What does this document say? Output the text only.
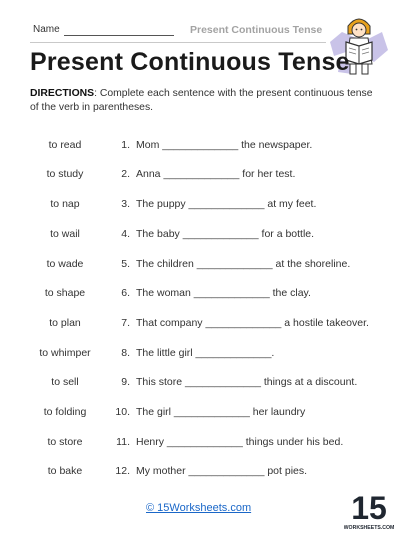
Name	Present Continuous Tense
Present Continuous Tense
DIRECTIONS: Complete each sentence with the present continuous tense of the verb in parentheses.
to read	1. Mom _____________ the newspaper.
to study	2. Anna _____________ for her test.
to nap	3. The puppy _____________ at my feet.
to wail	4. The baby _____________ for a bottle.
to wade	5. The children _____________ at the shoreline.
to shape	6. The woman _____________ the clay.
to plan	7. That company _____________ a hostile takeover.
to whimper	8. The little girl _____________.
to sell	9. This store _____________ things at a discount.
to folding	10. The girl _____________ her laundry
to store	11. Henry _____________ things under his bed.
to bake	12. My mother _____________ pot pies.
© 15Worksheets.com	15
WORKSHEETS.COM
